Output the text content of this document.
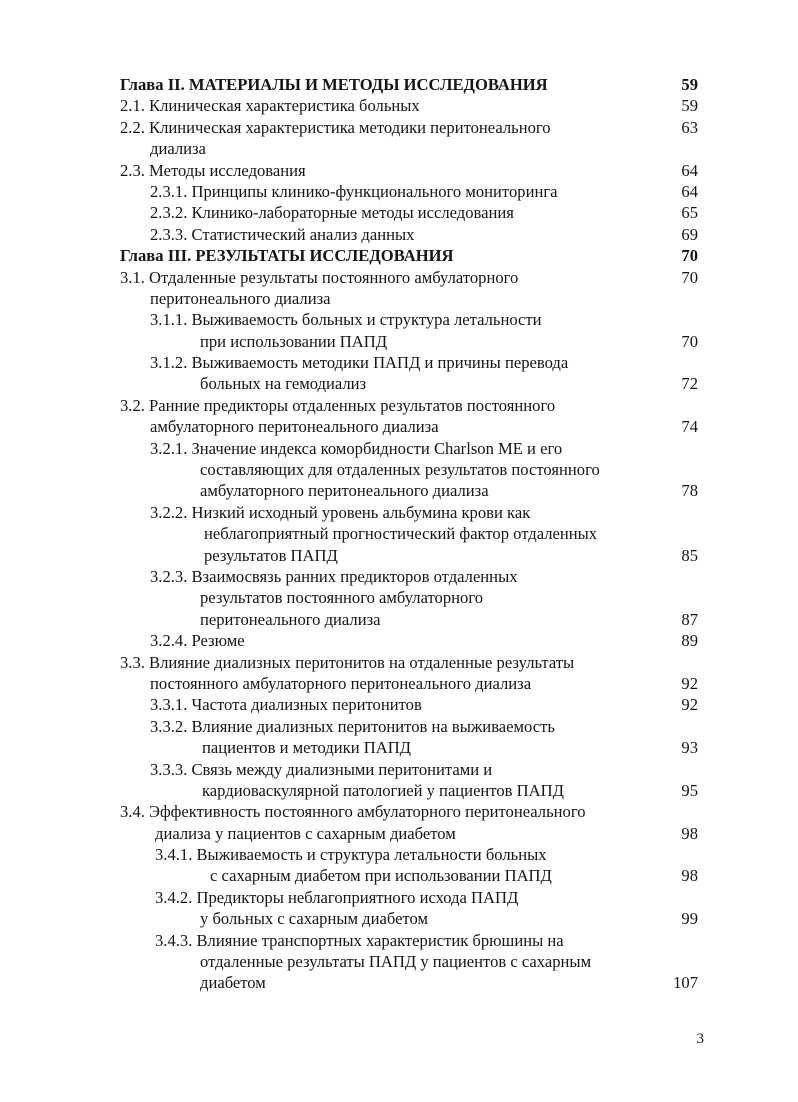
Глава II. МАТЕРИАЛЫ И МЕТОДЫ ИССЛЕДОВАНИЯ	59
2.1. Клиническая характеристика больных	59
2.2. Клиническая характеристика методики перитонеального	63
диализа
2.3. Методы исследования	64
2.3.1. Принципы клинико-функционального мониторинга	64
2.3.2. Клинико-лабораторные методы исследования	65
2.3.3. Статистический анализ данных	69
Глава III. РЕЗУЛЬТАТЫ ИССЛЕДОВАНИЯ	70
3.1. Отдаленные результаты постоянного амбулаторного	70
перитонеального диализа
3.1.1. Выживаемость больных и структура летальности
при использовании ПАПД	70
3.1.2. Выживаемость методики ПАПД и причины перевода
больных на гемодиализ	72
3.2. Ранние предикторы отдаленных результатов постоянного
амбулаторного перитонеального диализа	74
3.2.1. Значение индекса коморбидности Charlson ME и его
составляющих для отдаленных результатов постоянного
амбулаторного перитонеального диализа	78
3.2.2. Низкий исходный уровень альбумина крови как
неблагоприятный прогностический фактор отдаленных
результатов ПАПД	85
3.2.3. Взаимосвязь ранних предикторов отдаленных
результатов постоянного амбулаторного
перитонеального диализа	87
3.2.4. Резюме	89
3.3. Влияние диализных перитонитов на отдаленные результаты
постоянного амбулаторного перитонеального диализа	92
3.3.1. Частота диализных перитонитов	92
3.3.2. Влияние диализных перитонитов на выживаемость
пациентов и методики ПАПД	93
3.3.3. Связь между диализными перитонитами и
кардиоваскулярной патологией у пациентов ПАПД	95
3.4. Эффективность постоянного амбулаторного перитонеального
диализа у пациентов с сахарным диабетом	98
3.4.1. Выживаемость и структура летальности больных
с сахарным диабетом при использовании ПАПД	98
3.4.2. Предикторы неблагоприятного исхода ПАПД
у больных с сахарным диабетом	99
3.4.3. Влияние транспортных характеристик брюшины на
отдаленные результаты ПАПД у пациентов с сахарным
диабетом	107
3
